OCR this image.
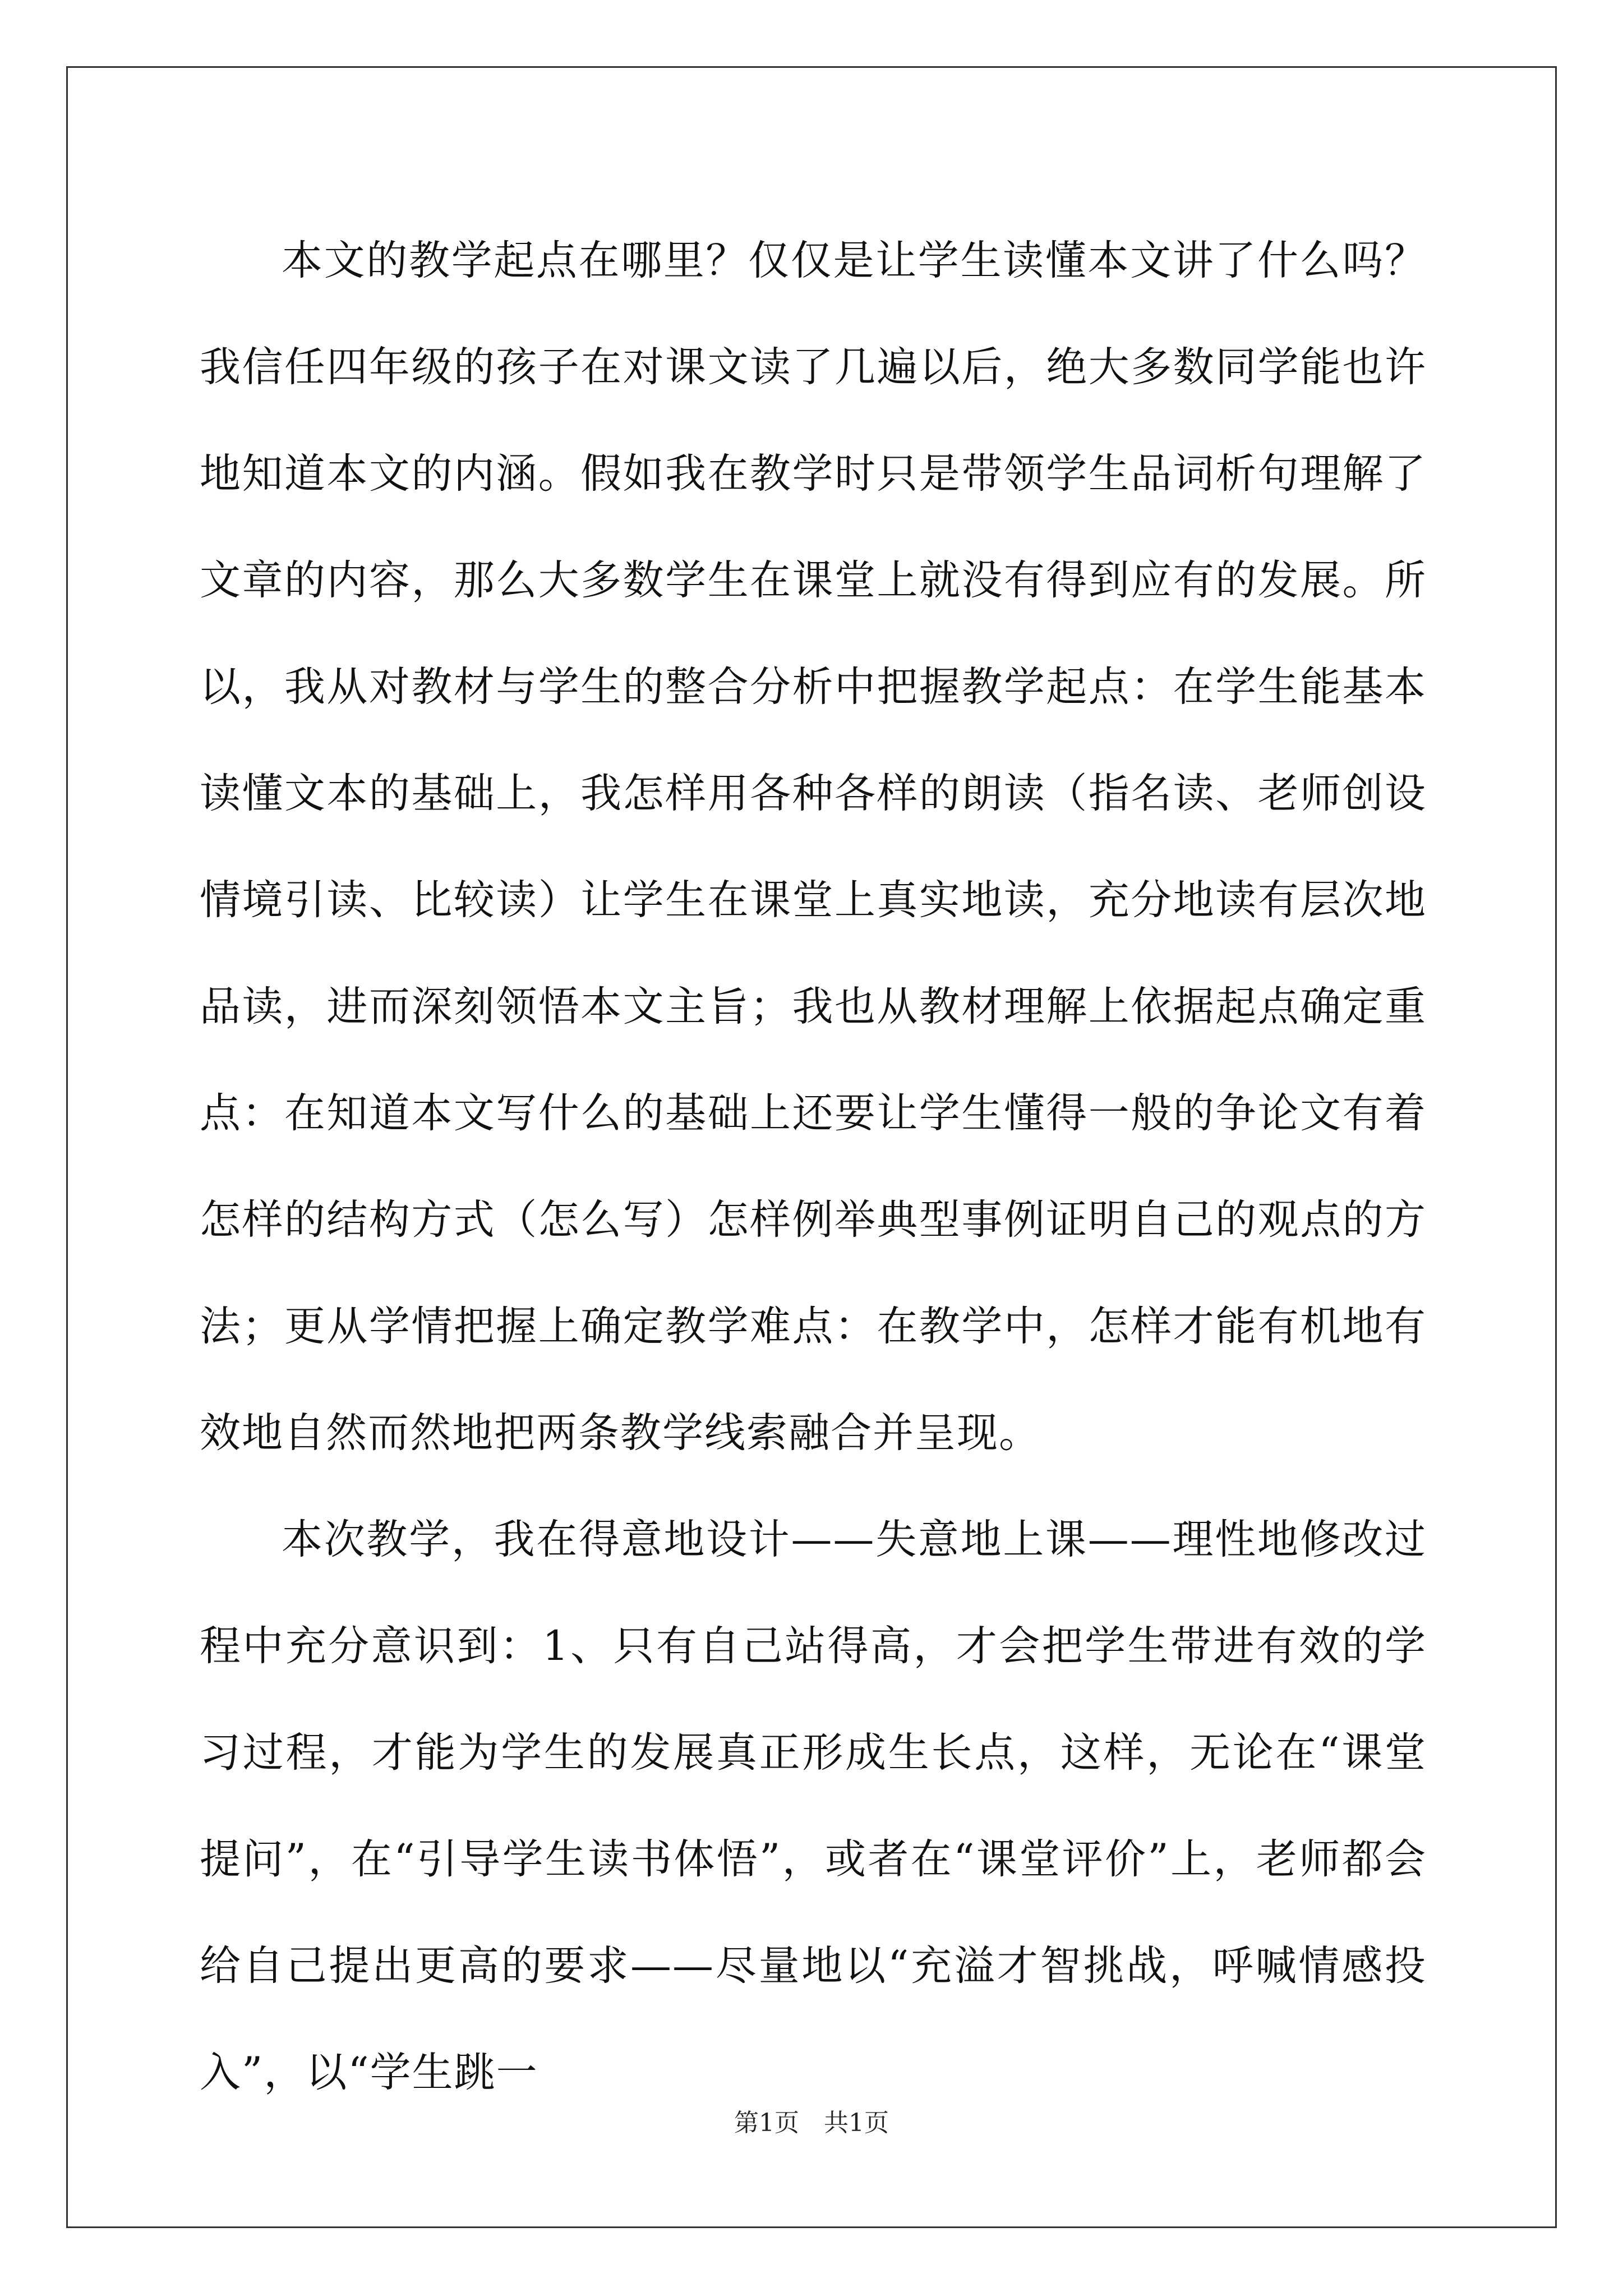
本文的教学起点在哪里？仅仅是让学生读懂本文讲了什么吗？我信任四年级的孩子在对课文读了几遍以后，绝大多数同学能也许地知道本文的内涵。假如我在教学时只是带领学生品词析句理解了文章的内容，那么大多数学生在课堂上就没有得到应有的发展。所以，我从对教材与学生的整合分析中把握教学起点：在学生能基本读懂文本的基础上，我怎样用各种各样的朗读（指名读、老师创设情境引读、比较读）让学生在课堂上真实地读，充分地读有层次地品读，进而深刻领悟本文主旨；我也从教材理解上依据起点确定重点：在知道本文写什么的基础上还要让学生懂得一般的争论文有着怎样的结构方式（怎么写）怎样例举典型事例证明自己的观点的方法；更从学情把握上确定教学难点：在教学中，怎样才能有机地有效地自然而然地把两条教学线索融合并呈现。

本次教学，我在得意地设计——失意地上课——理性地修改过程中充分意识到：1、只有自己站得高，才会把学生带进有效的学习过程，才能为学生的发展真正形成生长点，这样，无论在“课堂提问”，在“引导学生读书体悟”，或者在“课堂评价”上，老师都会给自己提出更高的要求——尽量地以“充溢才智挑战，呼喊情感投入”，以“学生跳一

第1页　共1页
